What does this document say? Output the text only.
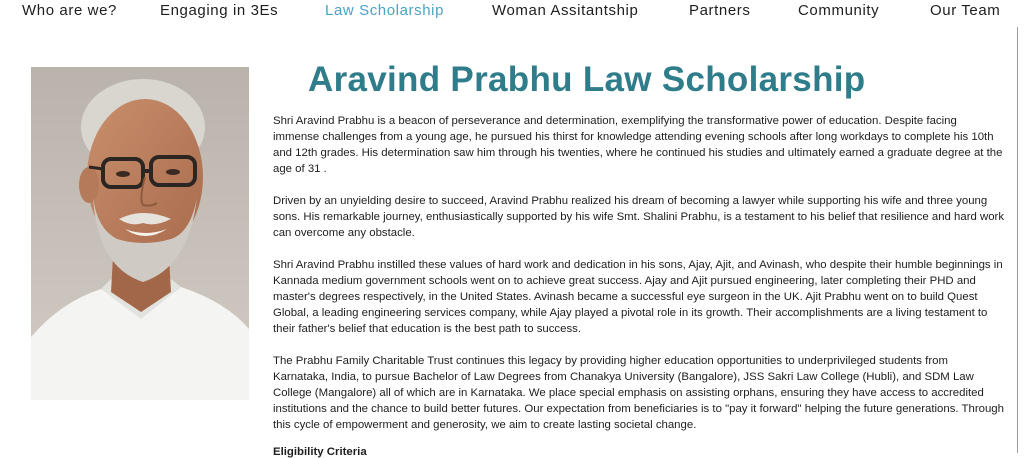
Who are we?	Engaging in 3Es	Law Scholarship	Woman Assitantship	Partners	Community	Our Team
Aravind Prabhu Law Scholarship

Shri Aravind Prabhu is a beacon of perseverance and determination, exemplifying the transformative power of education. Despite facing immense challenges from a young age, he pursued his thirst for knowledge attending evening schools after long workdays to complete his 10th and 12th grades. His determination saw him through his twenties, where he continued his studies and ultimately earned a graduate degree at the age of 31 .

Driven by an unyielding desire to succeed, Aravind Prabhu realized his dream of becoming a lawyer while supporting his wife and three young sons. His remarkable journey, enthusiastically supported by his wife Smt. Shalini Prabhu, is a testament to his belief that resilience and hard work can overcome any obstacle.

Shri Aravind Prabhu instilled these values of hard work and dedication in his sons, Ajay, Ajit, and Avinash, who despite their humble beginnings in Kannada medium government schools went on to achieve great success. Ajay and Ajit pursued engineering, later completing their PHD and master's degrees respectively, in the United States. Avinash became a successful eye surgeon in the UK. Ajit Prabhu went on to build Quest Global, a leading engineering services company, while Ajay played a pivotal role in its growth. Their accomplishments are a living testament to their father's belief that education is the best path to success.

The Prabhu Family Charitable Trust continues this legacy by providing higher education opportunities to underprivileged students from Karnataka, India, to pursue Bachelor of Law Degrees from Chanakya University (Bangalore), JSS Sakri Law College (Hubli), and SDM Law College (Mangalore) all of which are in Karnataka. We place special emphasis on assisting orphans, ensuring they have access to accredited institutions and the chance to build better futures. Our expectation from beneficiaries is to "pay it forward" helping the future generations. Through this cycle of empowerment and generosity, we aim to create lasting societal change.

Eligibility Criteria
